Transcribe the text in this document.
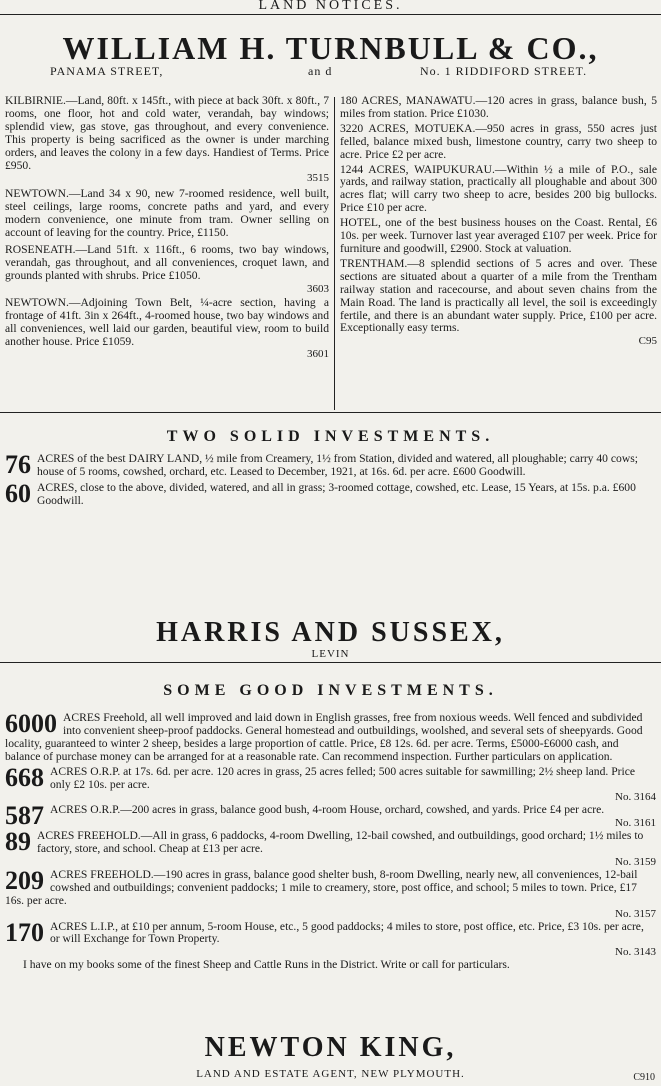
LAND NOTICES.
WILLIAM H. TURNBULL & CO.,
PANAMA STREET,	an d	No. 1 RIDDIFORD STREET.
KILBIRNIE.—Land, 80ft. x 145ft., with piece at back 30ft. x 80ft., 7 rooms, one floor, hot and cold water, verandah, bay windows; splendid view, gas stove, gas throughout, and every convenience. This property is being sacrificed as the owner is under marching orders, and leaves the colony in a few days. Handiest of Terms. Price £950.
3515
NEWTOWN.—Land 34 x 90, new 7-roomed residence, well built, steel ceilings, large rooms, concrete paths and yard, and every modern convenience, one minute from tram. Owner selling on account of leaving for the country. Price, £1150.
ROSENEATH.—Land 51ft. x 116ft., 6 rooms, two bay windows, verandah, gas throughout, and all conveniences, croquet lawn, and grounds planted with shrubs. Price £1050.
3603
NEWTOWN.—Adjoining Town Belt, ¼-acre section, having a frontage of 41ft. 3in x 264ft., 4-roomed house, two bay windows and all conveniences, well laid our garden, beautiful view, room to build another house. Price £1059.
3601
180 ACRES, MANAWATU.—120 acres in grass, balance bush, 5 miles from station. Price £1030.
3220 ACRES, MOTUEKA.—950 acres in grass, 550 acres just felled, balance mixed bush, limestone country, carry two sheep to acre. Price £2 per acre.
1244 ACRES, WAIPUKURAU.—Within ½ a mile of P.O., sale yards, and railway station, practically all ploughable and about 300 acres flat; will carry two sheep to acre, besides 200 big bullocks. Price £10 per acre.
HOTEL, one of the best business houses on the Coast. Rental, £6 10s. per week. Turnover last year averaged £107 per week. Price for furniture and goodwill, £2900. Stock at valuation.
TRENTHAM.—8 splendid sections of 5 acres and over. These sections are situated about a quarter of a mile from the Trentham railway station and racecourse, and about seven chains from the Main Road. The land is practically all level, the soil is exceedingly fertile, and there is an abundant water supply. Price, £100 per acre. Exceptionally easy terms.
C95
TWO SOLID INVESTMENTS.
76 ACRES of the best DAIRY LAND, ½ mile from Creamery, 1½ from Station, divided and watered, all ploughable; carry 40 cows; house of 5 rooms, cowshed, orchard, etc. Leased to December, 1921, at 16s. 6d. per acre. £600 Goodwill.
60 ACRES, close to the above, divided, watered, and all in grass; 3-roomed cottage, cowshed, etc. Lease, 15 Years, at 15s. p.a. £600 Goodwill.
HARRIS AND SUSSEX,
LEVIN
SOME GOOD INVESTMENTS.
6000 ACRES Freehold, all well improved and laid down in English grasses, free from noxious weeds. Well fenced and subdivided into convenient sheep-proof paddocks. General homestead and outbuildings, woolshed, and several sets of sheepyards. Good locality, guaranteed to winter 2 sheep, besides a large proportion of cattle. Price, £8 12s. 6d. per acre. Terms, £5000-£6000 cash, and balance of purchase money can be arranged for at a reasonable rate. Can recommend inspection. Further particulars on application.
668 ACRES O.R.P. at 17s. 6d. per acre. 120 acres in grass, 25 acres felled; 500 acres suitable for sawmilling; 2½ sheep land. Price only £2 10s. per acre.
No. 3164
587 ACRES O.R.P.—200 acres in grass, balance good bush, 4-room House, orchard, cowshed, and yards. Price £4 per acre.
No. 3161
89 ACRES FREEHOLD.—All in grass, 6 paddocks, 4-room Dwelling, 12-bail cowshed, and outbuildings, good orchard; 1½ miles to factory, store, and school. Cheap at £13 per acre.
No. 3159
209 ACRES FREEHOLD.—190 acres in grass, balance good shelter bush, 8-room Dwelling, nearly new, all conveniences, 12-bail cowshed and outbuildings; convenient paddocks; 1 mile to creamery, store, post office, and school; 5 miles to town. Price, £17 16s. per acre.
No. 3157
170 ACRES L.I.P., at £10 per annum, 5-room House, etc., 5 good paddocks; 4 miles to store, post office, etc. Price, £3 10s. per acre, or will Exchange for Town Property.
No. 3143
I have on my books some of the finest Sheep and Cattle Runs in the District. Write or call for particulars.
NEWTON KING,
LAND AND ESTATE AGENT, NEW PLYMOUTH.	C910
